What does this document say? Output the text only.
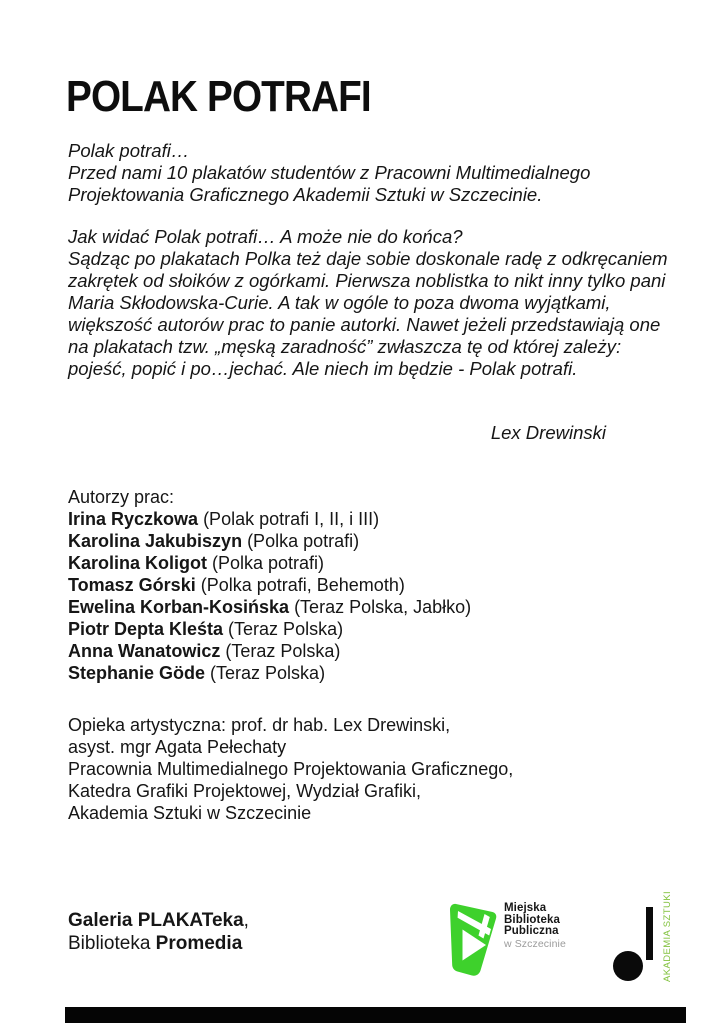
POLAK POTRAFI
Polak potrafi…
Przed nami 10 plakatów studentów z Pracowni Multimedialnego
Projektowania Graficznego Akademii Sztuki w Szczecinie.
Jak widać Polak potrafi… A może nie do końca?
Sądząc po plakatach Polka też daje sobie doskonale radę z odkręcaniem
zakrętek od słoików z ogórkami. Pierwsza noblistka to nikt inny tylko pani
Maria Skłodowska-Curie. A tak w ogóle to poza dwoma wyjątkami,
większość autorów prac to panie autorki. Nawet jeżeli przedstawiają one
na plakatach tzw. „męską zaradność” zwłaszcza tę od której zależy:
pojeść, popić i po…jechać. Ale niech im będzie - Polak potrafi.
Lex Drewinski
Autorzy prac:
Irina Ryczkowa (Polak potrafi I, II, i III)
Karolina Jakubiszyn (Polka potrafi)
Karolina Koligot (Polka potrafi)
Tomasz Górski (Polka potrafi, Behemoth)
Ewelina Korban-Kosińska (Teraz Polska, Jabłko)
Piotr Depta Kleśta (Teraz Polska)
Anna Wanatowicz (Teraz Polska)
Stephanie Göde (Teraz Polska)
Opieka artystyczna: prof. dr hab. Lex Drewinski,
asyst. mgr Agata Pełechaty
Pracownia Multimedialnego Projektowania Graficznego,
Katedra Grafiki Projektowej, Wydział Grafiki,
Akademia Sztuki w Szczecinie
Galeria PLAKATeka,
Biblioteka Promedia
Miejska
Biblioteka
Publiczna
w Szczecinie	AKADEMIA SZTUKI
